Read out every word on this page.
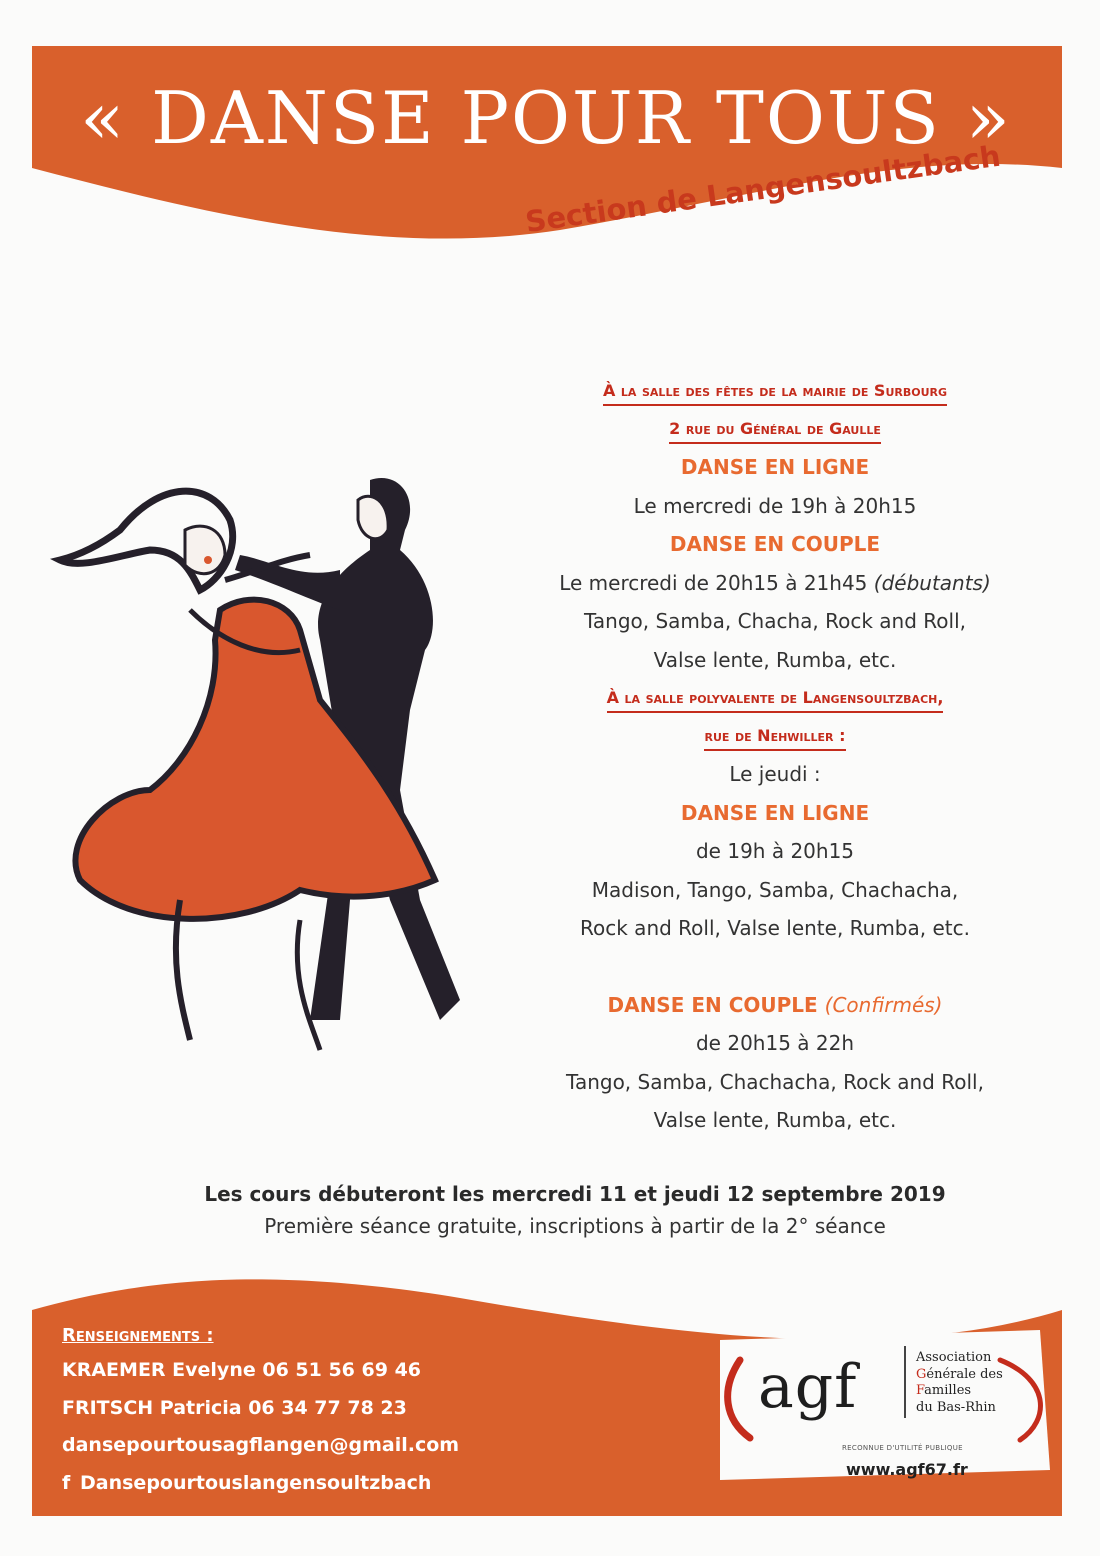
« DANSE POUR TOUS »
Section de Langensoultzbach
À la salle des fêtes de la mairie de Surbourg
2 rue du Général de Gaulle
DANSE EN LIGNE
Le mercredi de 19h à 20h15
DANSE EN COUPLE
Le mercredi de 20h15 à 21h45 (débutants)
Tango, Samba, Chacha, Rock and Roll,
Valse lente, Rumba, etc.
À la salle polyvalente de Langensoultzbach,
rue de Nehwiller :
Le jeudi :
DANSE EN LIGNE
de 19h à 20h15
Madison, Tango, Samba, Chachacha,
Rock and Roll, Valse lente, Rumba, etc.
DANSE EN COUPLE (Confirmés)
de 20h15 à 22h
Tango, Samba, Chachacha, Rock and Roll,
Valse lente, Rumba, etc.
Les cours débuteront les mercredi 11 et jeudi 12 septembre 2019
Première séance gratuite, inscriptions à partir de la 2° séance
Renseignements :
KRAEMER Evelyne 06 51 56 69 46
FRITSCH Patricia 06 34 77 78 23
dansepourtousagflangen@gmail.com
f Dansepourtouslangensoultzbach
agf	Association
Générale des
Familles
du Bas-Rhin
RECONNUE D'UTILITÉ PUBLIQUE
www.agf67.fr
